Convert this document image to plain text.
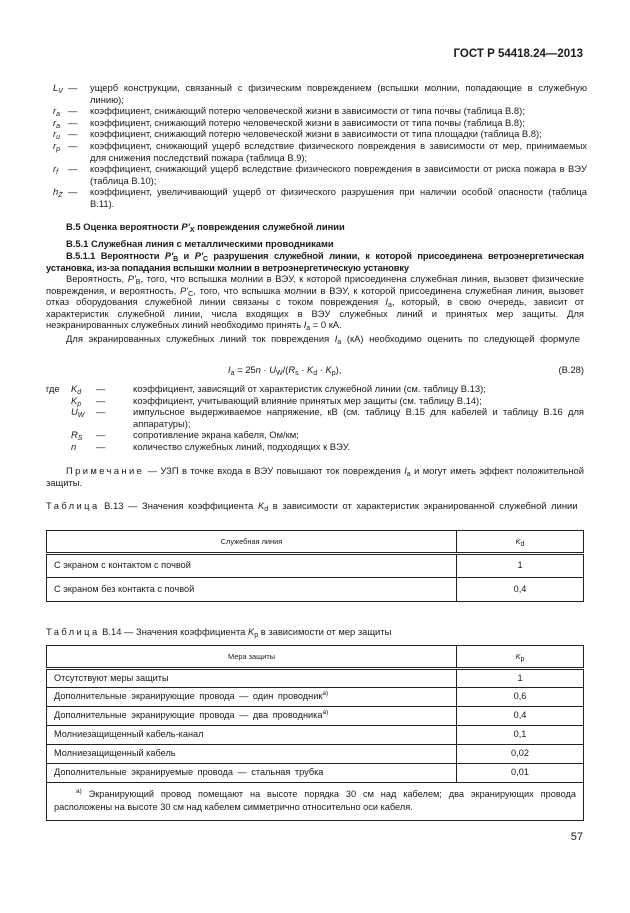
ГОСТ Р 54418.24—2013
$L_V$ — ущерб конструкции, связанный с физическим повреждением (вспышки молнии, попадающие в служебную линию);
$r_a$ — коэффициент, снижающий потерю человеческой жизни в зависимости от типа почвы (таблица В.8);
$r_a$ — коэффициент, снижающий потерю человеческой жизни в зависимости от типа почвы (таблица В.8);
$r_u$ — коэффициент, снижающий потерю человеческой жизни в зависимости от типа площадки (таблица В.8);
$r_p$ — коэффициент, снижающий ущерб вследствие физического повреждения в зависимости от мер, принимаемых для снижения последствий пожара (таблица В.9);
$r_f$ — коэффициент, снижающий ущерб вследствие физического повреждения в зависимости от риска пожара в ВЭУ (таблица В.10);
$h_Z$ — коэффициент, увеличивающий ущерб от физического разрушения при наличии особой опасности (таблица В.11).
В.5 Оценка вероятности $P'_X$ повреждения служебной линии
В.5.1 Служебная линия с металлическими проводниками
В.5.1.1 Вероятности $P'_B$ и $P'_C$ разрушения служебной линии, к которой присоединена ветроэнергетическая установка, из-за попадания вспышки молнии в ветроэнергетическую установку
Вероятность, $P'_B$, того, что вспышка молнии в ВЭУ, к которой присоединена служебная линия, вызовет физические повреждения, и вероятность, $P'_C$, того, что вспышка молнии в ВЭУ, к которой присоединена служебная линия, вызовет отказ оборудования служебной линии связаны с током повреждения $I_a$, который, в свою очередь, зависит от характеристик служебной линии, числа входящих в ВЭУ служебных линий и принятых мер защиты. Для неэкранированных служебных линий необходимо принять $I_a = 0$ кА.
Для экранированных служебных линий ток повреждения $I_a$ (кА) необходимо оценить по следующей формуле
$I_a = 25n \cdot U_W/(R_s \cdot K_d \cdot K_p)$,	(В.28)
где $K_d$ —	коэффициент, зависящий от характеристик служебной линии (см. таблицу В.13);
$K_p$ —	коэффициент, учитывающий влияние принятых мер защиты (см. таблицу В.14);
$U_W$ —	импульсное выдерживаемое напряжение, кВ (см. таблицу В.15 для кабелей и таблицу В.16 для аппаратуры);
$R_S$ —	сопротивление экрана кабеля, Ом/км;
n —	количество служебных линий, подходящих к ВЭУ.
Примечание — УЗП в точке входа в ВЭУ повышают ток повреждения $I_a$ и могут иметь эффект положительной защиты.
Таблица В.13 — Значения коэффициента $K_d$ в зависимости от характеристик экранированной служебной линии
Служебная линия	$K_d$
С экраном с контактом с почвой	1
С экраном без контакта с почвой	0,4
Таблица В.14 — Значения коэффициента $K_p$ в зависимости от мер защиты
Мера защиты	$K_p$
Отсутствуют меры защиты	1
Дополнительные экранирующие провода — один проводник$^{а)}$	0,6
Дополнительные экранирующие провода — два проводника$^{а)}$	0,4
Молниезащищенный кабель-канал	0,1
Молниезащищенный кабель	0,02
Дополнительные экранируемые провода — стальная трубка	0,01
$^{а)}$ Экранирующий провод помещают на высоте порядка 30 см над кабелем; два экранирующих провода расположены на высоте 30 см над кабелем симметрично относительно оси кабеля.	
57
